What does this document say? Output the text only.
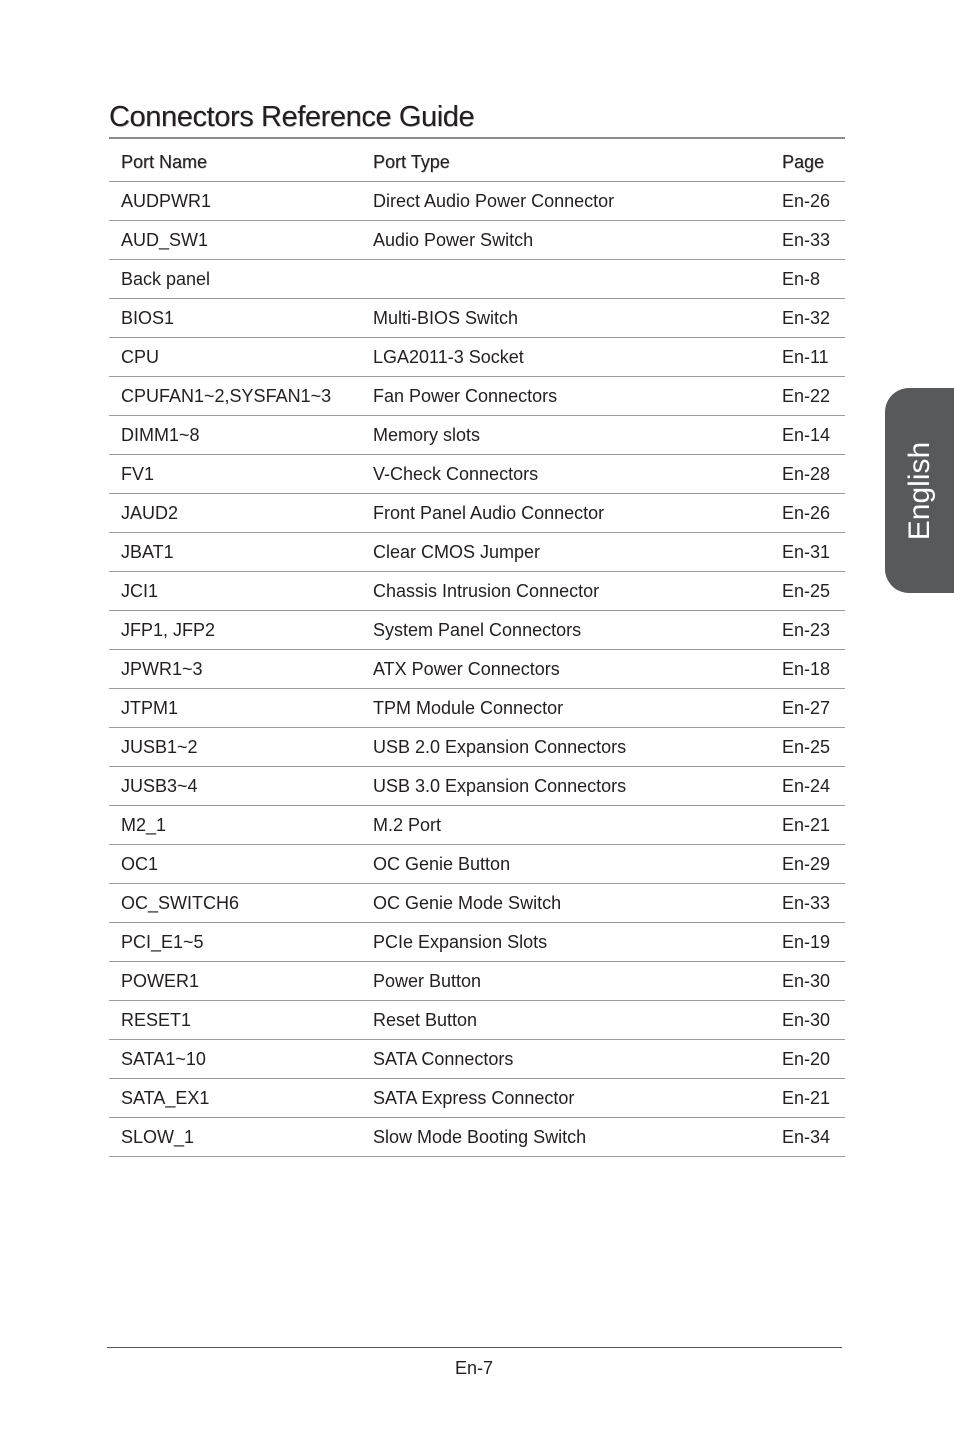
Connectors Reference Guide
Port Name	Port Type	Page
AUDPWR1	Direct Audio Power Connector	En-26
AUD_SW1	Audio Power Switch	En-33
Back panel		En-8
BIOS1	Multi-BIOS Switch	En-32
CPU	LGA2011-3 Socket	En-11
CPUFAN1~2,SYSFAN1~3	Fan Power Connectors	En-22
DIMM1~8	Memory slots	En-14
FV1	V-Check Connectors	En-28
JAUD2	Front Panel Audio Connector	En-26
JBAT1	Clear CMOS Jumper	En-31
JCI1	Chassis Intrusion Connector	En-25
JFP1, JFP2	System Panel Connectors	En-23
JPWR1~3	ATX Power Connectors	En-18
JTPM1	TPM Module Connector	En-27
JUSB1~2	USB 2.0 Expansion Connectors	En-25
JUSB3~4	USB 3.0 Expansion Connectors	En-24
M2_1	M.2 Port	En-21
OC1	OC Genie Button	En-29
OC_SWITCH6	OC Genie Mode Switch	En-33
PCI_E1~5	PCIe Expansion Slots	En-19
POWER1	Power Button	En-30
RESET1	Reset Button	En-30
SATA1~10	SATA Connectors	En-20
SATA_EX1	SATA Express Connector	En-21
SLOW_1	Slow Mode Booting Switch	En-34
English
En-7
